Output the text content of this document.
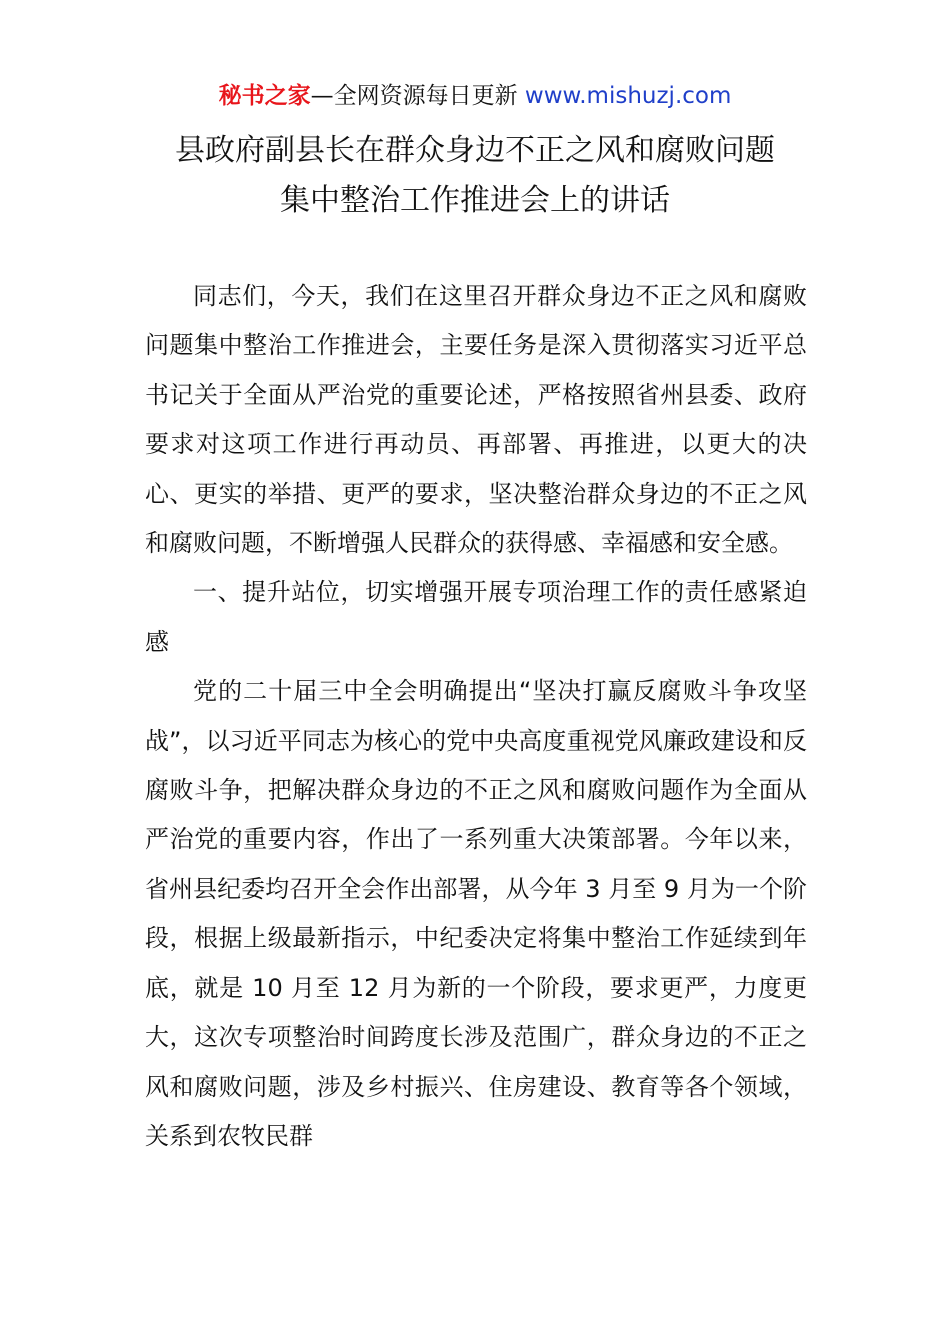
秘书之家—全网资源每日更新 www.mishuzj.com
县政府副县长在群众身边不正之风和腐败问题
集中整治工作推进会上的讲话

同志们，今天，我们在这里召开群众身边不正之风和腐败问题集中整治工作推进会，主要任务是深入贯彻落实习近平总书记关于全面从严治党的重要论述，严格按照省州县委、政府要求对这项工作进行再动员、再部署、再推进，以更大的决心、更实的举措、更严的要求，坚决整治群众身边的不正之风和腐败问题，不断增强人民群众的获得感、幸福感和安全感。

一、提升站位，切实增强开展专项治理工作的责任感紧迫感

党的二十届三中全会明确提出“坚决打赢反腐败斗争攻坚战”，以习近平同志为核心的党中央高度重视党风廉政建设和反腐败斗争，把解决群众身边的不正之风和腐败问题作为全面从严治党的重要内容，作出了一系列重大决策部署。今年以来，省州县纪委均召开全会作出部署，从今年 3 月至 9 月为一个阶段，根据上级最新指示，中纪委决定将集中整治工作延续到年底，就是 10 月至 12 月为新的一个阶段，要求更严，力度更大，这次专项整治时间跨度长涉及范围广，群众身边的不正之风和腐败问题，涉及乡村振兴、住房建设、教育等各个领域，关系到农牧民群
